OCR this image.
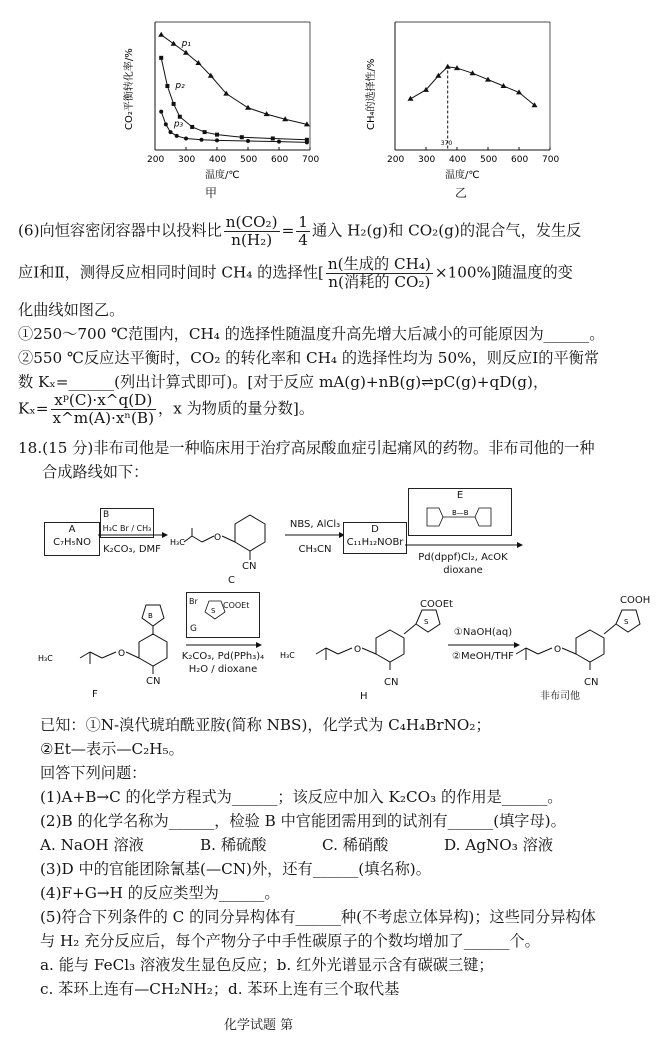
CO₂平衡转化率/%
200 300 400 500 600 700
温度/℃
p₁
p₂
p₃
甲
CH₄的选择性/%
200 300 400 500 600 700
温度/℃
370
乙
(6)向恒容密闭容器中以投料比 $\frac{\text{n(CO₂)}}{\text{n(H₂)}} = \frac{1}{4}$ 通入 H₂(g)和 CO₂(g)的混合气，发生反
应Ⅰ和Ⅱ，测得反应相同时间时 CH₄ 的选择性[ $\frac{\text{n(生成的 CH₄)}}{\text{n(消耗的 CO₂)}} \times 100\%$]随温度的变
化曲线如图乙。
①250～700 ℃范围内，CH₄ 的选择性随温度升高先增大后减小的可能原因为______。
②550 ℃反应达平衡时，CO₂ 的转化率和 CH₄ 的选择性均为 50%，则反应Ⅰ的平衡常
数 Kₓ=______(列出计算式即可)。[对于反应 mA(g)+nB(g)⇌pC(g)+qD(g)，
$K_x= \frac{\text{xᵖ(C)·x\textasciicircum{}q(D)}}{\text{x\textasciicircum{}m(A)·xⁿ(B)}}$ ，x 为物质的量分数]。
18.(15 分)非布司他是一种临床用于治疗高尿酸血症引起痛风的药物。非布司他的一种
合成路线如下：
A
C₇H₅NO
B
H₃C Br / CH₃
K₂CO₃, DMF
O
H₃C
CN
C
NBS, AlCl₃
CH₃CN
D
C₁₁H₁₂NOBr
E
B—B
Pd(dppf)Cl₂, AcOK
dioxane
B
O
H₃C
CN
F
S
Br	COOEt
G
K₂CO₃, Pd(PPh₃)₄
H₂O / dioxane
S
O
H₃C
COOEt
CN
H
①NaOH(aq)
②MeOH/THF
S
O
COOH
CN
非布司他
已知：①N-溴代琥珀酰亚胺(简称 NBS)，化学式为 C₄H₄BrNO₂；
②Et—表示—C₂H₅。
回答下列问题：
(1)A+B→C 的化学方程式为______；该反应中加入 K₂CO₃ 的作用是______。
(2)B 的化学名称为______，检验 B 中官能团需用到的试剂有______(填字母)。
A. NaOH 溶液	B. 稀硫酸	C. 稀硝酸	D. AgNO₃ 溶液
(3)D 中的官能团除氰基(—CN)外，还有______(填名称)。
(4)F+G→H 的反应类型为______。
(5)符合下列条件的 C 的同分异构体有______种(不考虑立体异构)；这些同分异构体
与 H₂ 充分反应后，每个产物分子中手性碳原子的个数均增加了______个。
a. 能与 FeCl₃ 溶液发生显色反应；b. 红外光谱显示含有碳碳三键；
c. 苯环上连有—CH₂NH₂；d. 苯环上连有三个取代基
化学试题 第
